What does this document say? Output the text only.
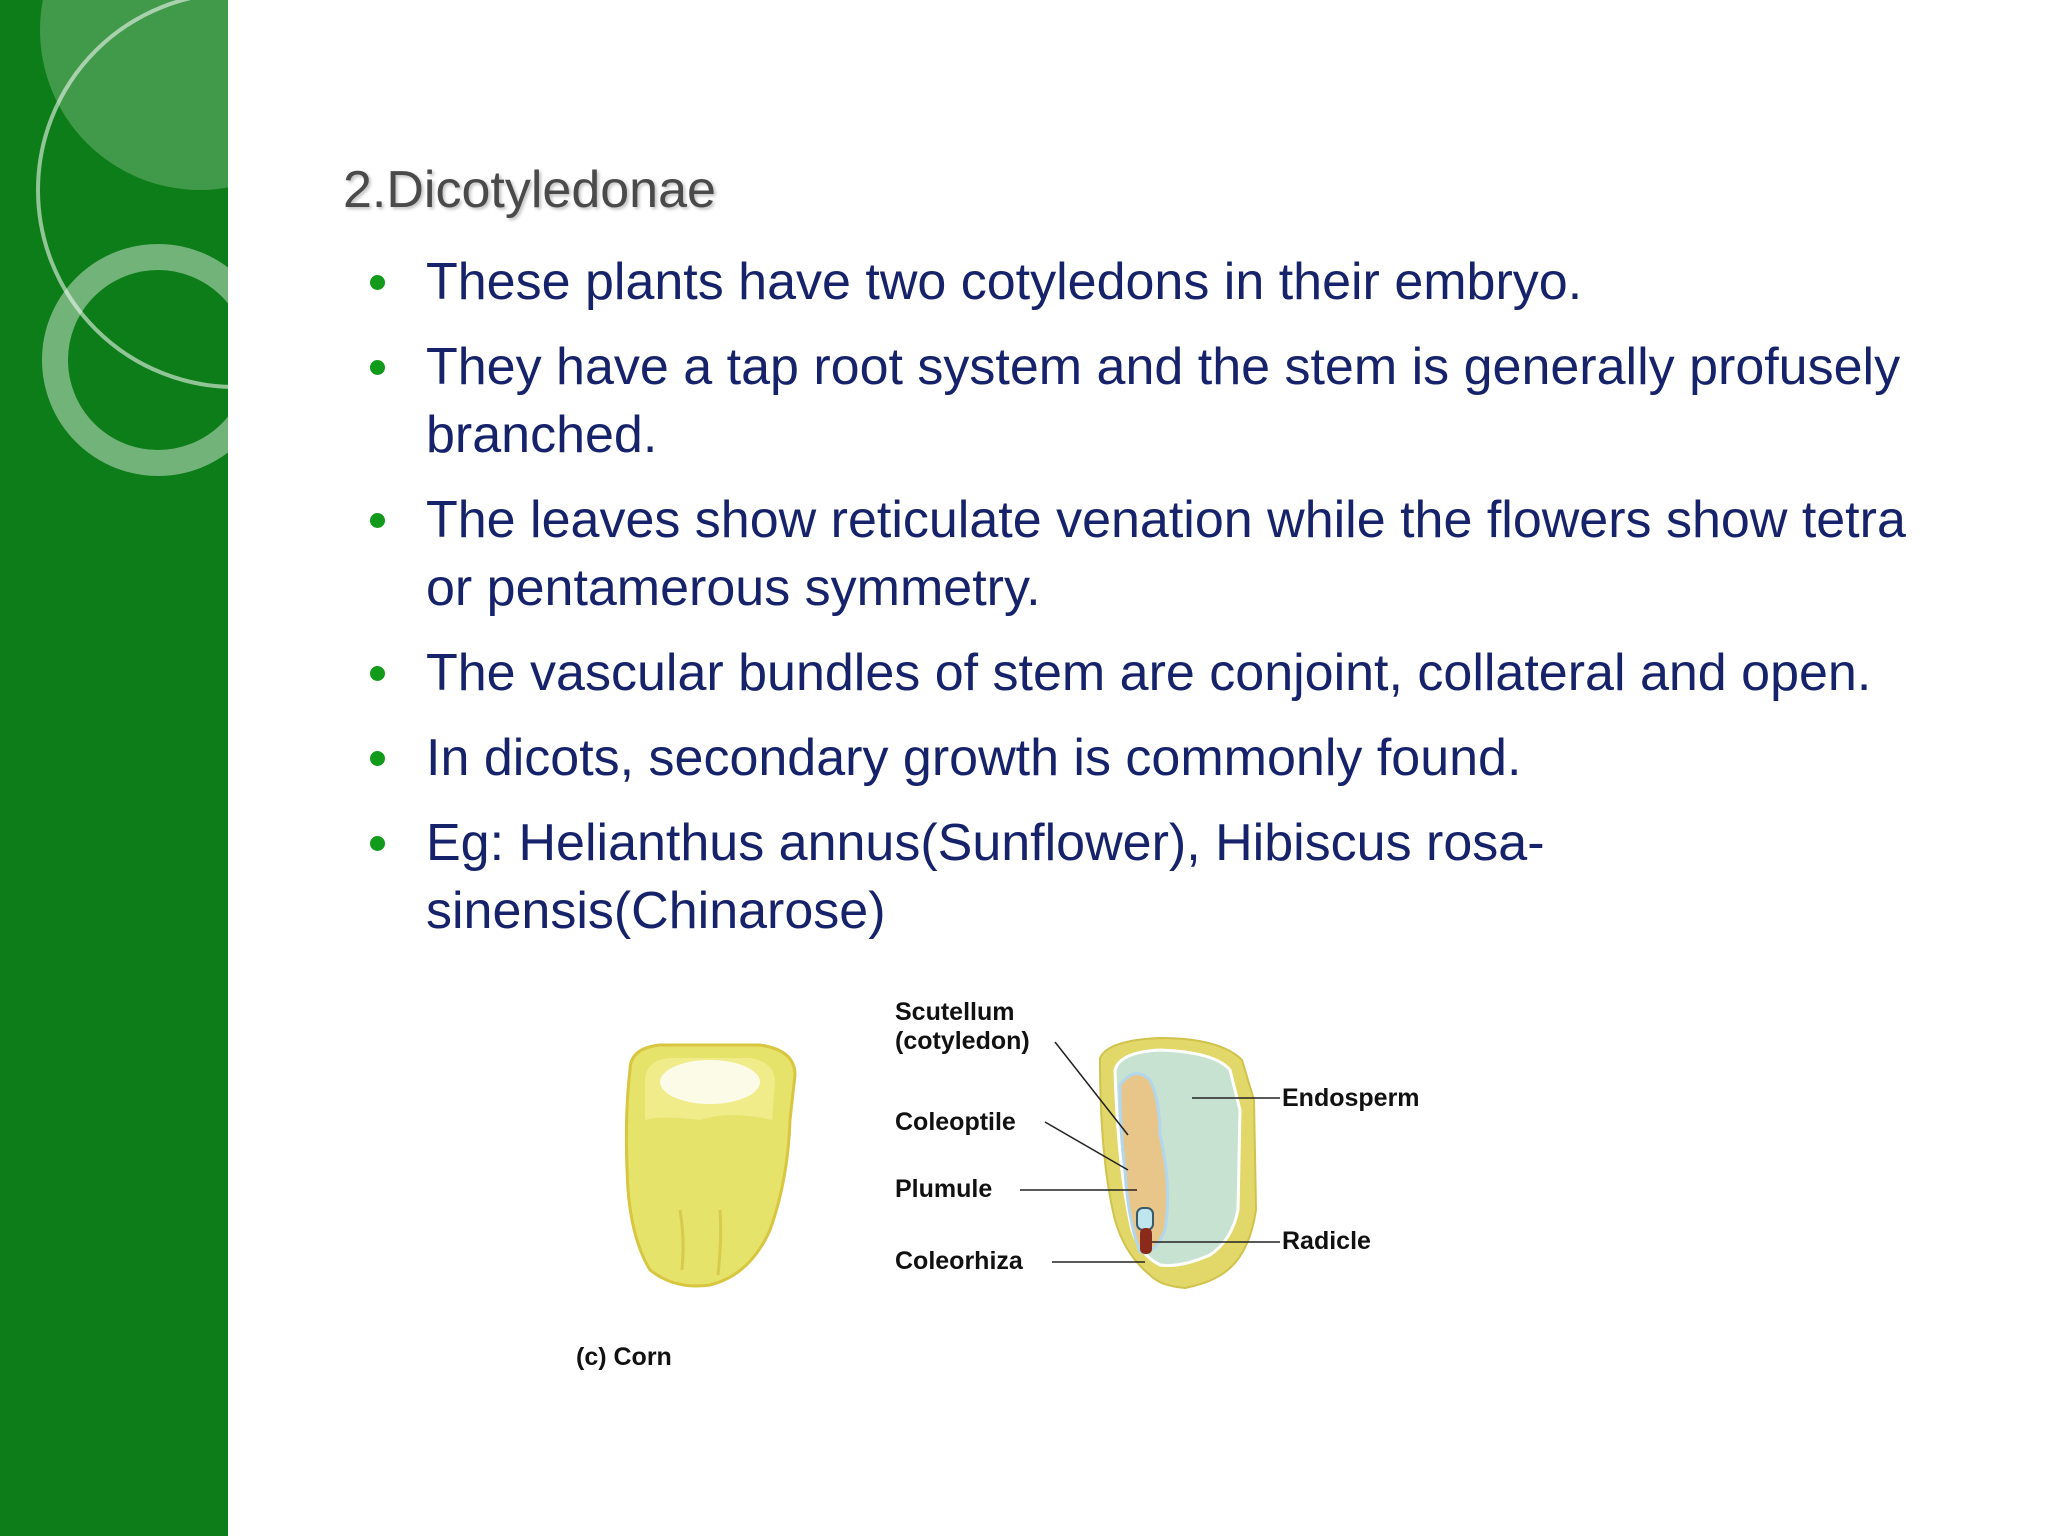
2.Dicotyledonae
These plants have two cotyledons in their embryo.
They have a tap root system and the stem is generally profusely branched.
The leaves show reticulate venation while the flowers show tetra or pentamerous symmetry.
The vascular bundles of stem are conjoint, collateral and open.
In dicots, secondary growth is commonly found.
Eg: Helianthus annus(Sunflower), Hibiscus rosa-sinensis(Chinarose)
Scutellum
(cotyledon)
Coleoptile
Plumule
Coleorhiza
Endosperm
Radicle
(c) Corn
